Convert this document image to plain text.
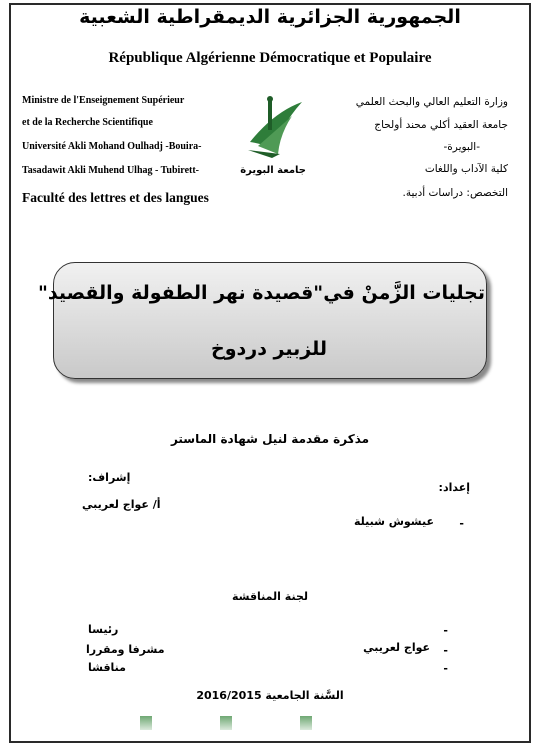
الجمهورية الجزائرية الديمقراطية الشعبية
République Algérienne Démocratique et Populaire
Ministre de l'Enseignement Supérieur
et de la Recherche Scientifique
Université Akli Mohand Oulhadj -Bouira-
Tasadawit Akli Muhend Ulhag - Tubirett-
Faculté des lettres et des langues
وزارة التعليم العالي والبحث العلمي
جامعة العقيد أكلي محند أولحاج
-البويرة-
كلية الآداب واللغات
التخصص: دراسات أدبية.
جامعة البويرة
تجليات الزَّمنْ في"قصيدة نهر الطفولة والقصيد"
للزبير دردوخ
مذكرة مقدمة لنيل شهادة الماستر
إعداد:
-
عيشوش شبيلة
إشراف:
أ/ عواج لعريبي
لجنة المناقشة
رئيسا
مشرفا ومقررا
مناقشا
-
-
-
عواج لعريبي
السَّنة الجامعية 2016/2015
